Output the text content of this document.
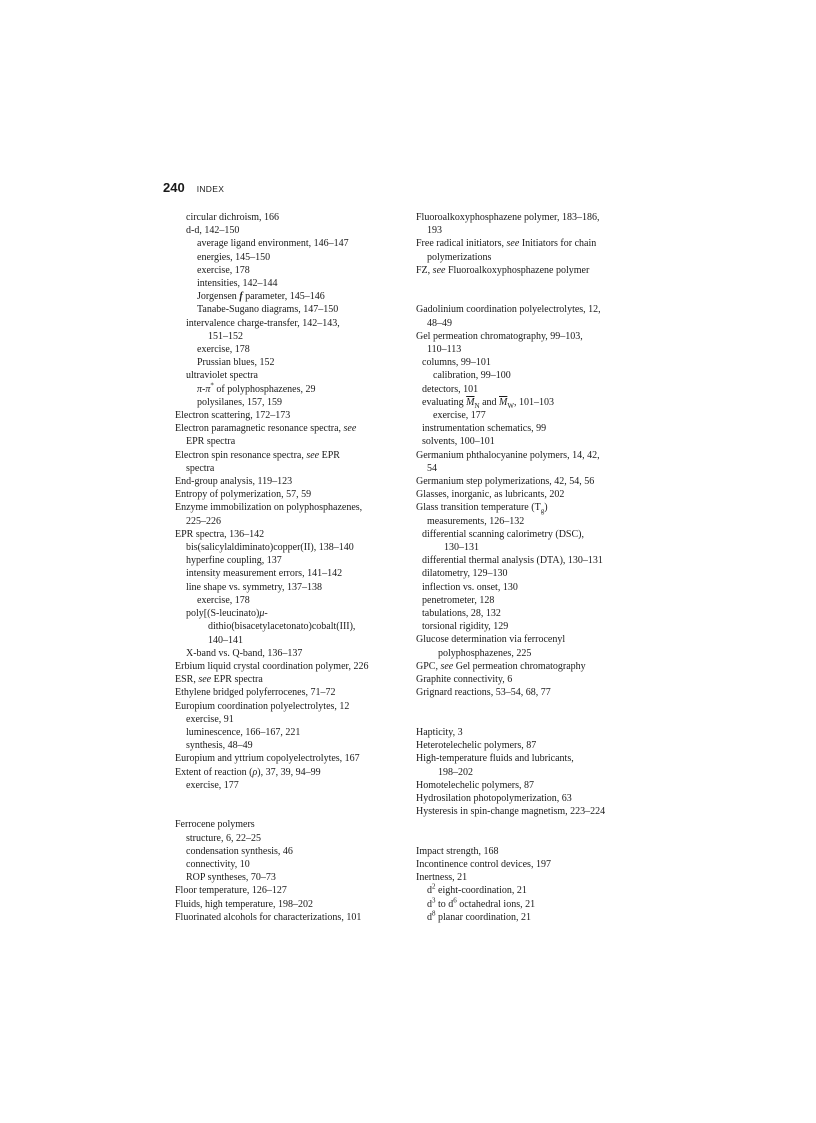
240 INDEX
circular dichroism, 166
d-d, 142–150
average ligand environment, 146–147
energies, 145–150
exercise, 178
intensities, 142–144
Jorgensen f parameter, 145–146
Tanabe-Sugano diagrams, 147–150
intervalence charge-transfer, 142–143,
151–152
exercise, 178
Prussian blues, 152
ultraviolet spectra
π-π* of polyphosphazenes, 29
polysilanes, 157, 159
Electron scattering, 172–173
Electron paramagnetic resonance spectra, see
EPR spectra
Electron spin resonance spectra, see EPR
spectra
End-group analysis, 119–123
Entropy of polymerization, 57, 59
Enzyme immobilization on polyphosphazenes,
225–226
EPR spectra, 136–142
bis(salicylaldiminato)copper(II), 138–140
hyperfine coupling, 137
intensity measurement errors, 141–142
line shape vs. symmetry, 137–138
exercise, 178
poly[(S-leucinato)μ-
dithio(bisacetylacetonato)cobalt(III),
140–141
X-band vs. Q-band, 136–137
Erbium liquid crystal coordination polymer, 226
ESR, see EPR spectra
Ethylene bridged polyferrocenes, 71–72
Europium coordination polyelectrolytes, 12
exercise, 91
luminescence, 166–167, 221
synthesis, 48–49
Europium and yttrium copolyelectrolytes, 167
Extent of reaction (ρ), 37, 39, 94–99
exercise, 177
Ferrocene polymers
structure, 6, 22–25
condensation synthesis, 46
connectivity, 10
ROP syntheses, 70–73
Floor temperature, 126–127
Fluids, high temperature, 198–202
Fluorinated alcohols for characterizations, 101
Fluoroalkoxyphosphazene polymer, 183–186,
193
Free radical initiators, see Initiators for chain
polymerizations
FZ, see Fluoroalkoxyphosphazene polymer
Gadolinium coordination polyelectrolytes, 12,
48–49
Gel permeation chromatography, 99–103,
110–113
columns, 99–101
calibration, 99–100
detectors, 101
evaluating $\overline{M}_N$ and $\overline{M}_W$, 101–103
exercise, 177
instrumentation schematics, 99
solvents, 100–101
Germanium phthalocyanine polymers, 14, 42,
54
Germanium step polymerizations, 42, 54, 56
Glasses, inorganic, as lubricants, 202
Glass transition temperature $(T_g)$
measurements, 126–132
differential scanning calorimetry (DSC),
130–131
differential thermal analysis (DTA), 130–131
dilatometry, 129–130
inflection vs. onset, 130
penetrometer, 128
tabulations, 28, 132
torsional rigidity, 129
Glucose determination via ferrocenyl
polyphosphazenes, 225
GPC, see Gel permeation chromatography
Graphite connectivity, 6
Grignard reactions, 53–54, 68, 77
Hapticity, 3
Heterotelechelic polymers, 87
High-temperature fluids and lubricants,
198–202
Homotelechelic polymers, 87
Hydrosilation photopolymerization, 63
Hysteresis in spin-change magnetism, 223–224
Impact strength, 168
Incontinence control devices, 197
Inertness, 21
$d^2$ eight-coordination, 21
$d^3$ to $d^6$ octahedral ions, 21
$d^8$ planar coordination, 21
